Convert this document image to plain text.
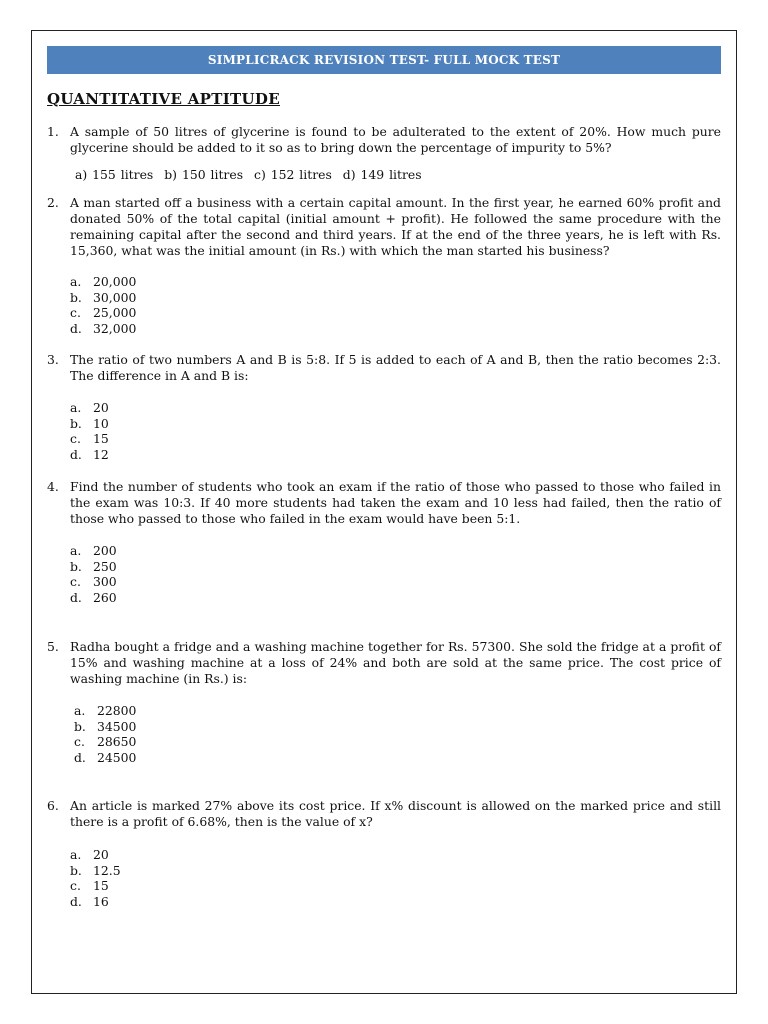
SIMPLICRACK REVISION TEST- FULL MOCK TEST
QUANTITATIVE APTITUDE
1. A sample of 50 litres of glycerine is found to be adulterated to the extent of 20%. How much pure glycerine should be added to it so as to bring down the percentage of impurity to 5%?
a) 155 litres b) 150 litres c) 152 litres d) 149 litres
2. A man started off a business with a certain capital amount. In the first year, he earned 60% profit and donated 50% of the total capital (initial amount + profit). He followed the same procedure with the remaining capital after the second and third years. If at the end of the three years, he is left with Rs. 15,360, what was the initial amount (in Rs.) with which the man started his business?
a. 20,000
b. 30,000
c. 25,000
d. 32,000
3. The ratio of two numbers A and B is 5:8. If 5 is added to each of A and B, then the ratio becomes 2:3. The difference in A and B is:
a. 20
b. 10
c. 15
d. 12
4. Find the number of students who took an exam if the ratio of those who passed to those who failed in the exam was 10:3. If 40 more students had taken the exam and 10 less had failed, then the ratio of those who passed to those who failed in the exam would have been 5:1.
a. 200
b. 250
c. 300
d. 260
5. Radha bought a fridge and a washing machine together for Rs. 57300. She sold the fridge at a profit of 15% and washing machine at a loss of 24% and both are sold at the same price. The cost price of washing machine (in Rs.) is:
a. 22800
b. 34500
c. 28650
d. 24500
6. An article is marked 27% above its cost price. If x% discount is allowed on the marked price and still there is a profit of 6.68%, then is the value of x?
a. 20
b. 12.5
c. 15
d. 16
